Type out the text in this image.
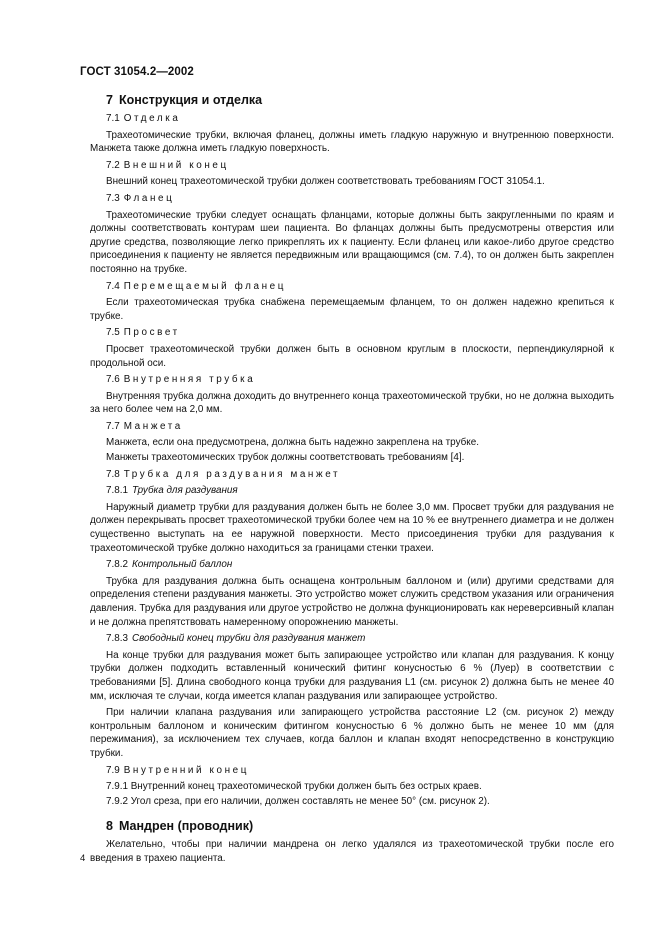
ГОСТ 31054.2—2002
7 Конструкция и отделка
7.1 Отделка

Трахеотомические трубки, включая фланец, должны иметь гладкую наружную и внутреннюю поверхности. Манжета также должна иметь гладкую поверхность.

7.2 Внешний конец

Внешний конец трахеотомической трубки должен соответствовать требованиям ГОСТ 31054.1.

7.3 Фланец

Трахеотомические трубки следует оснащать фланцами, которые должны быть закругленными по краям и должны соответствовать контурам шеи пациента. Во фланцах должны быть предусмотрены отверстия или другие средства, позволяющие легко прикреплять их к пациенту. Если фланец или какое-либо другое средство присоединения к пациенту не является передвижным или вращающимся (см. 7.4), то он должен быть закреплен постоянно на трубке.

7.4 Перемещаемый фланец

Если трахеотомическая трубка снабжена перемещаемым фланцем, то он должен надежно крепиться к трубке.

7.5 Просвет

Просвет трахеотомической трубки должен быть в основном круглым в плоскости, перпендикулярной к продольной оси.

7.6 Внутренняя трубка

Внутренняя трубка должна доходить до внутреннего конца трахеотомической трубки, но не должна выходить за него более чем на 2,0 мм.

7.7 Манжета

Манжета, если она предусмотрена, должна быть надежно закреплена на трубке.

Манжеты трахеотомических трубок должны соответствовать требованиям [4].

7.8 Трубка для раздувания манжет
7.8.1 Трубка для раздувания

Наружный диаметр трубки для раздувания должен быть не более 3,0 мм. Просвет трубки для раздувания не должен перекрывать просвет трахеотомической трубки более чем на 10 % ее внутреннего диаметра и не должен существенно выступать на ее наружной поверхности. Место присоединения трубки для раздувания к трахеотомической трубке должно находиться за границами стенки трахеи.

7.8.2 Контрольный баллон

Трубка для раздувания должна быть оснащена контрольным баллоном и (или) другими средствами для определения степени раздувания манжеты. Это устройство может служить средством указания или ограничения давления. Трубка для раздувания или другое устройство не должна функционировать как нереверсивный клапан и не должна препятствовать намеренному опорожнению манжеты.

7.8.3 Свободный конец трубки для раздувания манжет

На конце трубки для раздувания может быть запирающее устройство или клапан для раздувания. К концу трубки должен подходить вставленный конический фитинг конусностью 6 % (Луер) в соответствии с требованиями [5]. Длина свободного конца трубки для раздувания L1 (см. рисунок 2) должна быть не менее 40 мм, исключая те случаи, когда имеется клапан раздувания или запирающее устройство.

При наличии клапана раздувания или запирающего устройства расстояние L2 (см. рисунок 2) между контрольным баллоном и коническим фитингом конусностью 6 % должно быть не менее 10 мм (для пережимания), за исключением тех случаев, когда баллон и клапан входят непосредственно в конструкцию трубки.

7.9 Внутренний конец

7.9.1 Внутренний конец трахеотомической трубки должен быть без острых краев.

7.9.2 Угол среза, при его наличии, должен составлять не менее 50° (см. рисунок 2).

8 Мандрен (проводник)

Желательно, чтобы при наличии мандрена он легко удалялся из трахеотомической трубки после его введения в трахею пациента.

4
